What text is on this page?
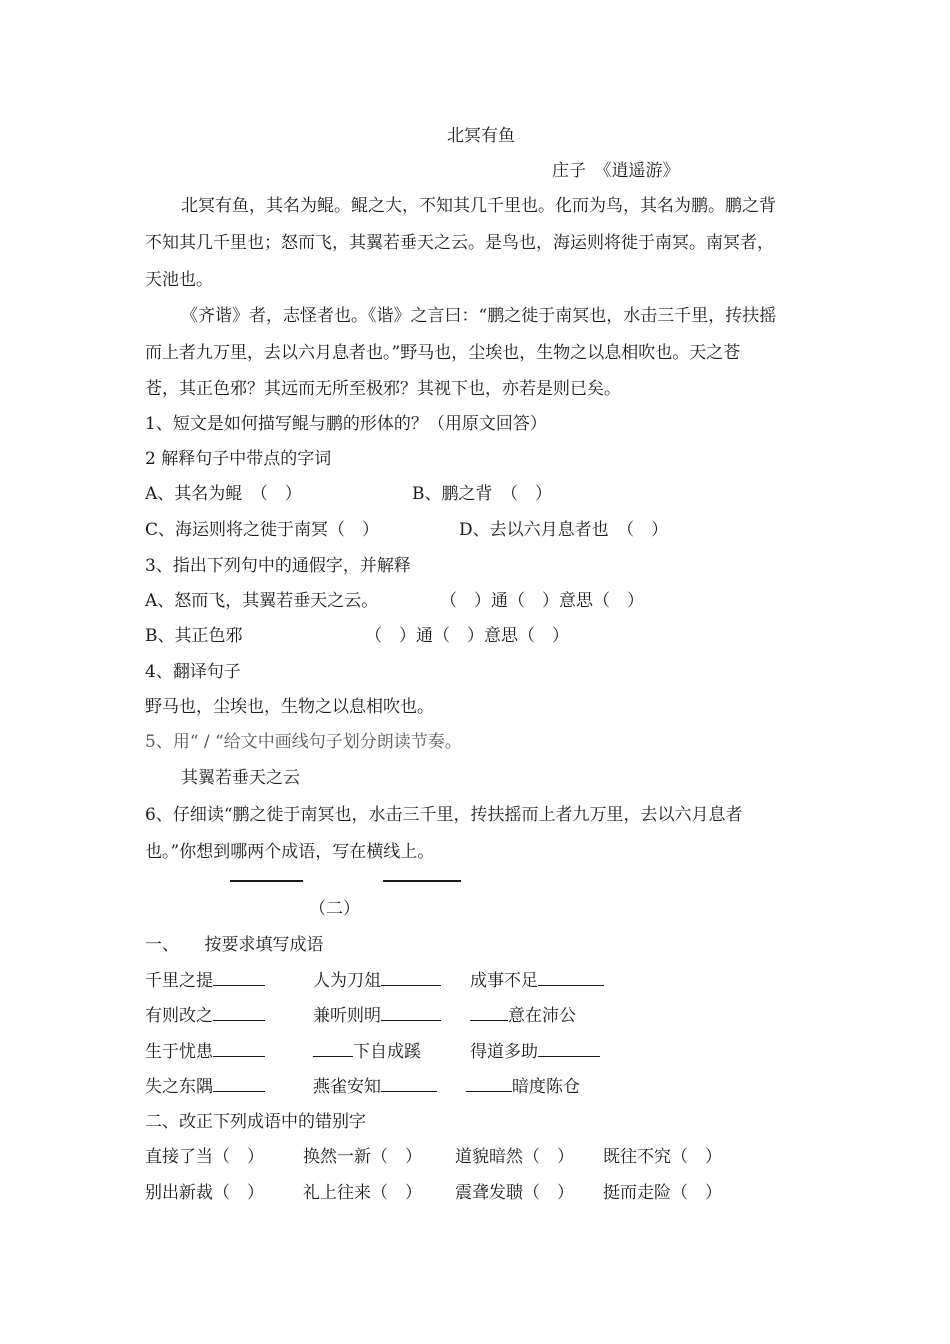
北冥有鱼
庄子　《逍遥游》
北冥有鱼，其名为鲲。鲲之大，不知其几千里也。化而为鸟，其名为鹏。鹏之背
不知其几千里也；怒而飞，其翼若垂天之云。是鸟也，海运则将徙于南冥。南冥者，
天池也。
《齐谐》者，志怪者也。《谐》之言曰：“鹏之徙于南冥也，水击三千里，抟扶摇
而上者九万里，去以六月息者也。”野马也，尘埃也，生物之以息相吹也。天之苍
苍，其正色邪？其远而无所至极邪？其视下也，亦若是则已矣。
1、短文是如何描写鲲与鹏的形体的？（用原文回答）
2 解释句子中带点的字词
A、其名为鲲　（　）	B、鹏之背　（　）
C、海运则将之徙于南冥（　）	D、去以六月息者也　（　）
3、指出下列句中的通假字，并解释
A、怒而飞，其翼若垂天之云。	（　）通（　）意思（　）
B、其正色邪	（　）通（　）意思（　）
4、翻译句子
野马也，尘埃也，生物之以息相吹也。
5、用“ / “给文中画线句子划分朗读节奏。
其翼若垂天之云
6、仔细读“鹏之徙于南冥也，水击三千里，抟扶摇而上者九万里，去以六月息者
也。”你想到哪两个成语，写在横线上。
（二）
一、　　按要求填写成语
千里之提	人为刀俎	成事不足
有则改之	兼听则明	意在沛公
生于忧患	下自成蹊	得道多助
失之东隅	燕雀安知	暗度陈仓
二、改正下列成语中的错别字
直接了当（　） 换然一新（　） 道貌暗然（　） 既往不究（　）
别出新裁（　） 礼上往来（　） 震聋发聩（　） 挺而走险（　）
